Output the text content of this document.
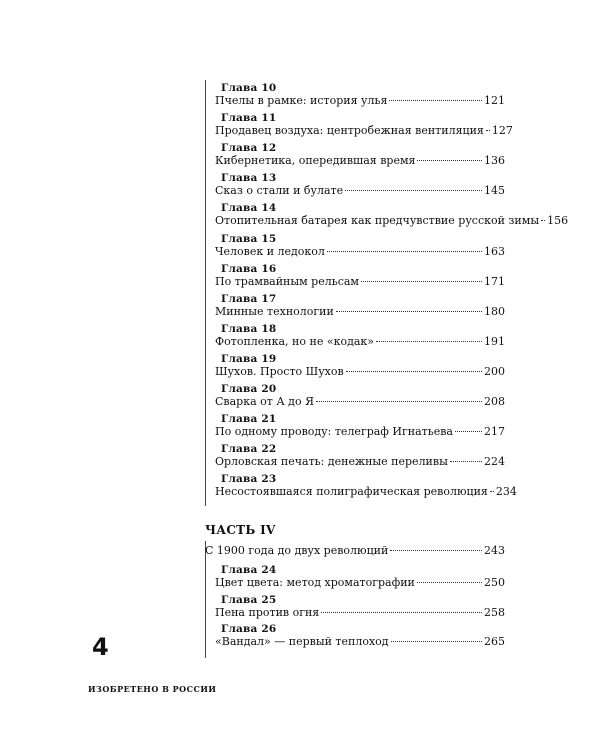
Глава 10
Пчелы в рамке: история улья	121
Глава 11
Продавец воздуха: центробежная вентиляция 127
Глава 12
Кибернетика, опередившая время	136
Глава 13
Сказ о стали и булате	145
Глава 14
Отопительная батарея как предчувствие русской зимы 156
Глава 15
Человек и ледокол	163
Глава 16
По трамвайным рельсам	171
Глава 17
Минные технологии	180
Глава 18
Фотопленка, но не «кодак»	191
Глава 19
Шухов. Просто Шухов	200
Глава 20
Сварка от А до Я	208
Глава 21
По одному проводу: телеграф Игнатьева	217
Глава 22
Орловская печать: денежные переливы	224
Глава 23
Несостоявшаяся полиграфическая революция 234
ЧАСТЬ IV
С 1900 года до двух революций	243
Глава 24
Цвет цвета: метод хроматографии	250
Глава 25
Пена против огня	258
Глава 26
«Вандал» — первый теплоход	265
4
ИЗОБРЕТЕНО В РОССИИ
